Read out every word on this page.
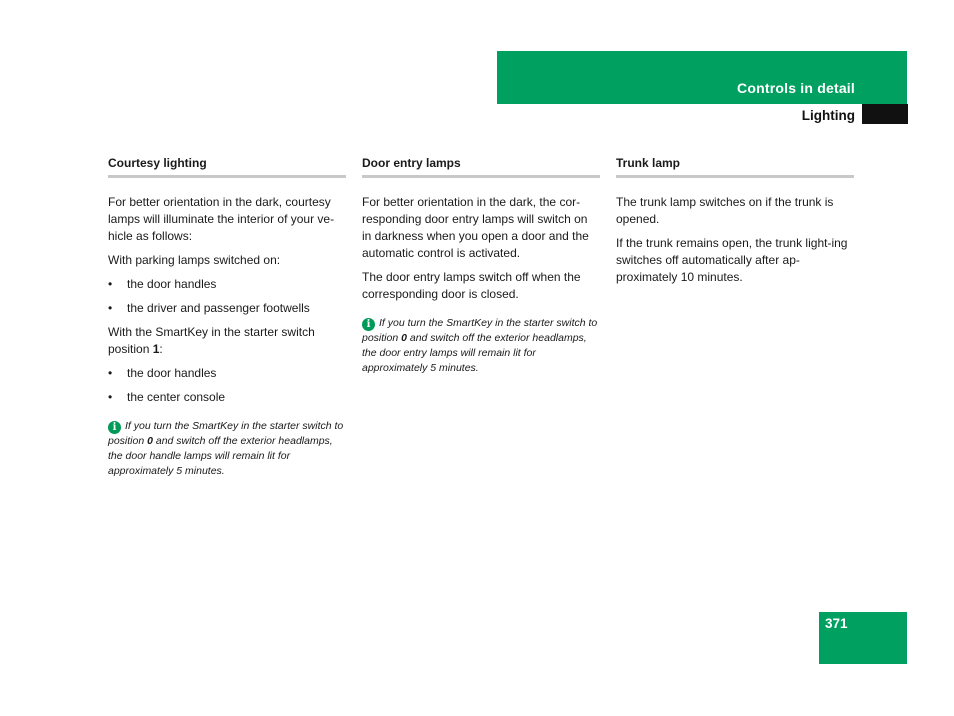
Controls in detail
Lighting
Courtesy lighting

For better orientation in the dark, courtesy lamps will illuminate the interior of your ve-hicle as follows:

With parking lamps switched on:

• the door handles
• the driver and passenger footwells

With the SmartKey in the starter switch position 1:

• the door handles
• the center console
i If you turn the SmartKey in the starter switch to position 0 and switch off the exterior headlamps, the door handle lamps will remain lit for approximately 5 minutes.
Door entry lamps

For better orientation in the dark, the cor-responding door entry lamps will switch on in darkness when you open a door and the automatic control is activated.

The door entry lamps switch off when the corresponding door is closed.

i If you turn the SmartKey in the starter switch to position 0 and switch off the exterior headlamps, the door entry lamps will remain lit for approximately 5 minutes.
Trunk lamp

The trunk lamp switches on if the trunk is opened.

If the trunk remains open, the trunk light-ing switches off automatically after ap-proximately 10 minutes.

371
